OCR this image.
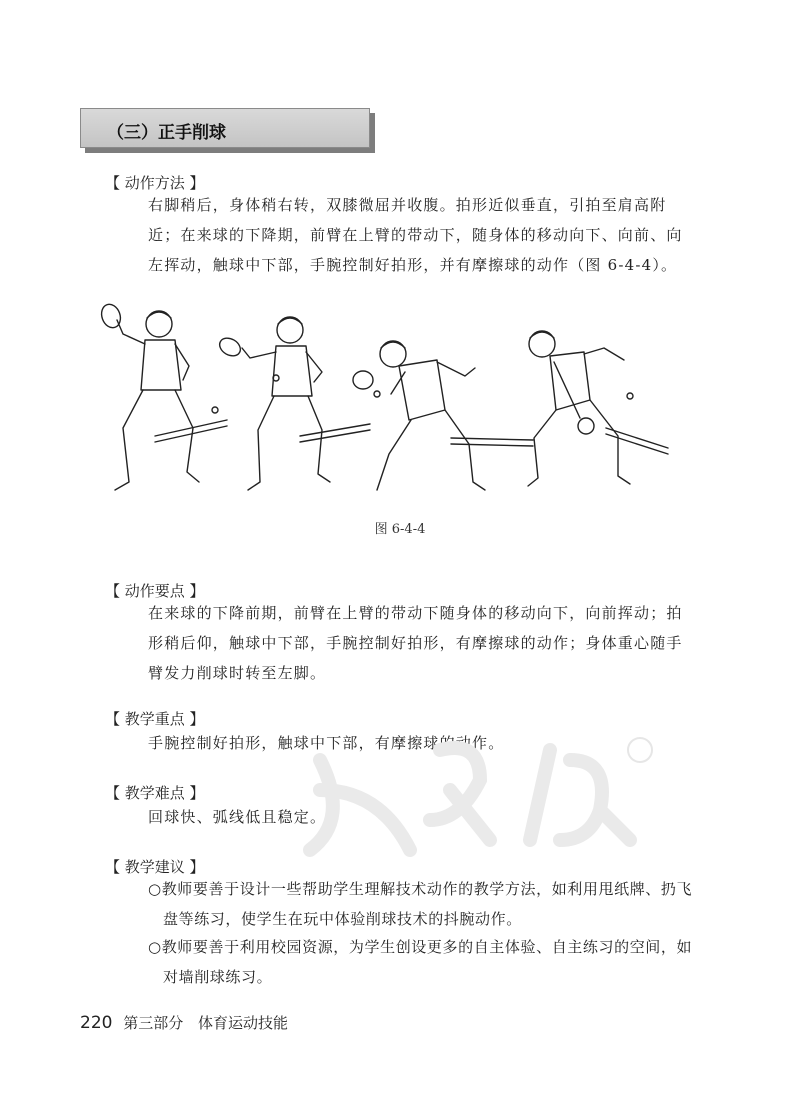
（三）正手削球
【 动作方法 】
右脚稍后，身体稍右转，双膝微屈并收腹。拍形近似垂直，引拍至肩高附近；在来球的下降期，前臂在上臂的带动下，随身体的移动向下、向前、向左挥动，触球中下部，手腕控制好拍形，并有摩擦球的动作（图 6-4-4）。
图 6-4-4
【 动作要点 】
在来球的下降前期，前臂在上臂的带动下随身体的移动向下，向前挥动；拍形稍后仰，触球中下部，手腕控制好拍形，有摩擦球的动作；身体重心随手臂发力削球时转至左脚。
【 教学重点 】
手腕控制好拍形，触球中下部，有摩擦球的动作。
【 教学难点 】
回球快、弧线低且稳定。
【 教学建议 】
○教师要善于设计一些帮助学生理解技术动作的教学方法，如利用甩纸牌、扔飞盘等练习，使学生在玩中体验削球技术的抖腕动作。
○教师要善于利用校园资源，为学生创设更多的自主体验、自主练习的空间，如对墙削球练习。
220 第三部分 体育运动技能
